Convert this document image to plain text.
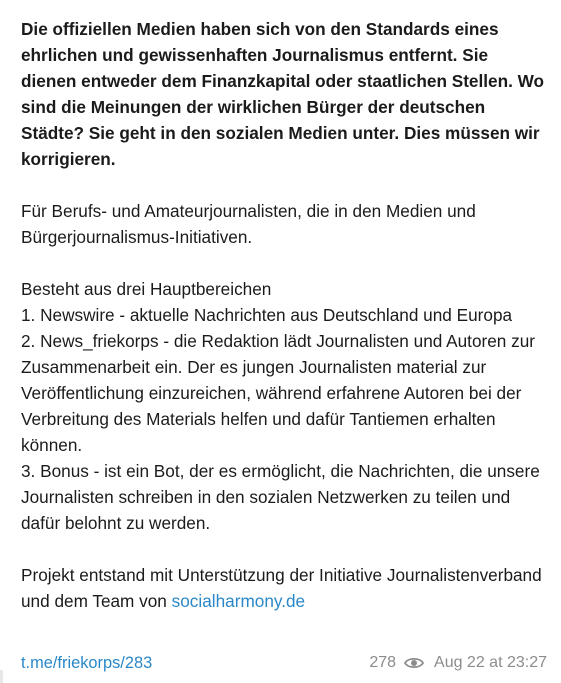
Die offiziellen Medien haben sich von den Standards eines ehrlichen und gewissenhaften Journalismus entfernt. Sie dienen entweder dem Finanzkapital oder staatlichen Stellen. Wo sind die Meinungen der wirklichen Bürger der deutschen Städte? Sie geht in den sozialen Medien unter. Dies müssen wir korrigieren.

Für Berufs- und Amateurjournalisten, die in den Medien und Bürgerjournalismus-Initiativen.

Besteht aus drei Hauptbereichen

1. Newswire - aktuelle Nachrichten aus Deutschland und Europa

2. News_friekorps - die Redaktion lädt Journalisten und Autoren zur Zusammenarbeit ein. Der es jungen Journalisten material zur Veröffentlichung einzureichen, während erfahrene Autoren bei der Verbreitung des Materials helfen und dafür Tantiemen erhalten können.

3. Bonus - ist ein Bot, der es ermöglicht, die Nachrichten, die unsere Journalisten schreiben in den sozialen Netzwerken zu teilen und dafür belohnt zu werden.

Projekt entstand mit Unterstützung der Initiative Journalistenverband und dem Team von socialharmony.de

t.me/friekorps/283	278 Aug 22 at 23:27
